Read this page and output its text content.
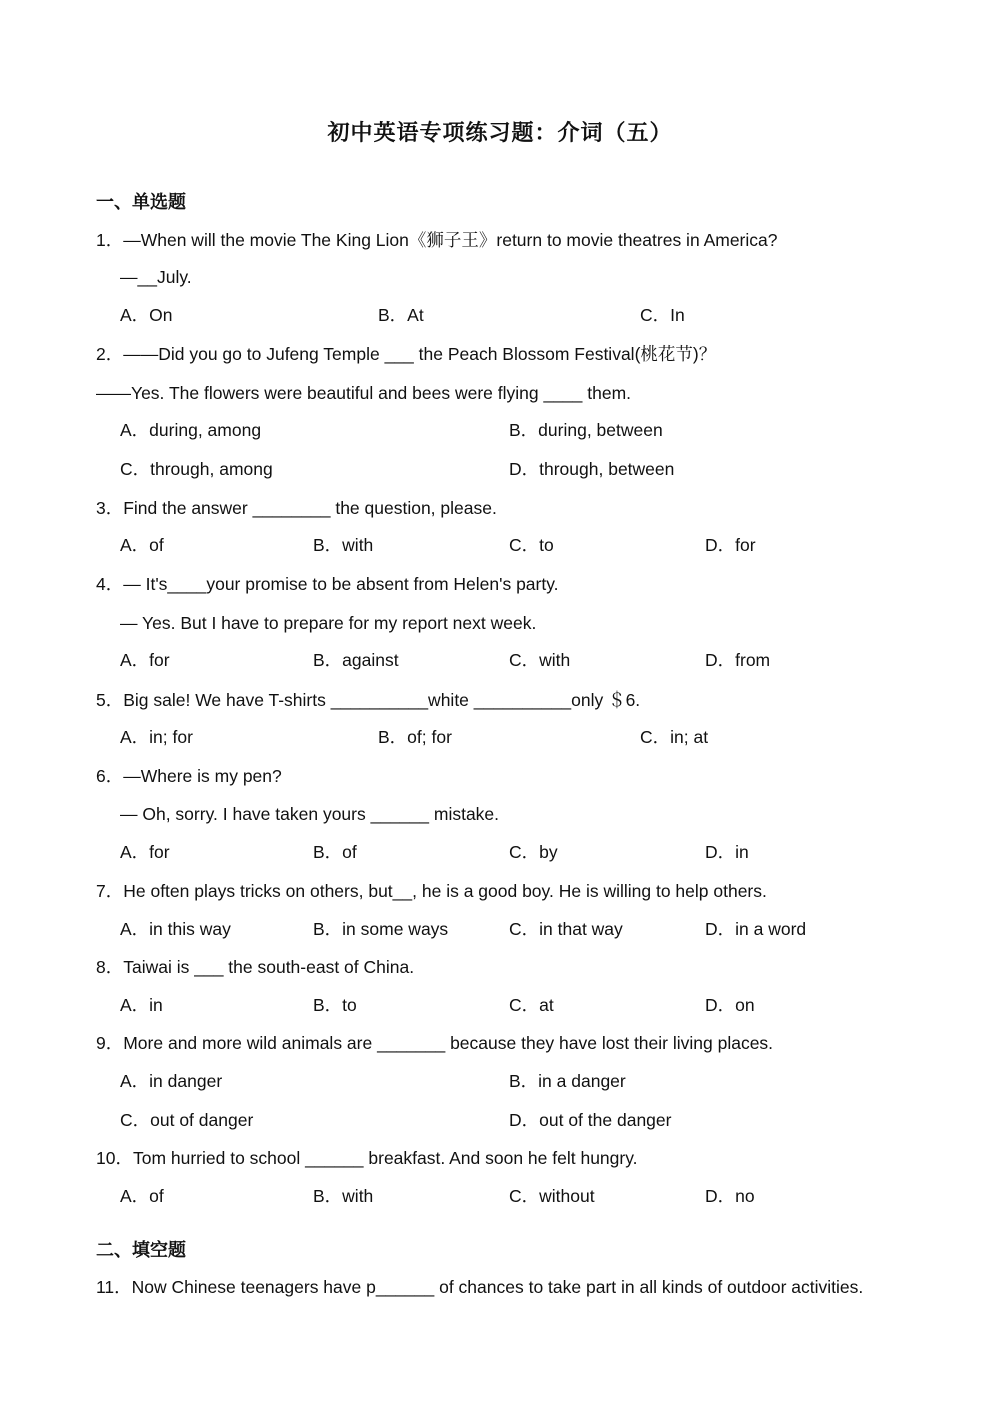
初中英语专项练习题：介词（五）
一、单选题
1．—When will the movie The King Lion《狮子王》return to movie theatres in America?
—__July.
A．On	B．At	C．In
2．——Did you go to Jufeng Temple ___ the Peach Blossom Festival(桃花节)？
——Yes. The flowers were beautiful and bees were flying ____ them.
A．during, among	B．during, between
C．through, among	D．through, between
3．Find the answer ________ the question, please.
A．of	B．with	C．to	D．for
4．— It's____your promise to be absent from Helen's party.
— Yes. But I have to prepare for my report next week.
A．for	B．against	C．with	D．from
5．Big sale! We have T-shirts __________white __________only ＄6.
A．in; for	B．of; for	C．in; at
6．—Where is my pen?
— Oh, sorry. I have taken yours ______ mistake.
A．for	B．of	C．by	D．in
7．He often plays tricks on others, but__, he is a good boy. He is willing to help others.
A．in this way	B．in some ways	C．in that way	D．in a word
8．Taiwai is ___ the south-east of China.
A．in	B．to	C．at	D．on
9．More and more wild animals are _______ because they have lost their living places.
A．in danger	B．in a danger
C．out of danger	D．out of the danger
10．Tom hurried to school ______ breakfast. And soon he felt hungry.
A．of	B．with	C．without	D．no
二、填空题
11．Now Chinese teenagers have p______ of chances to take part in all kinds of outdoor activities.
